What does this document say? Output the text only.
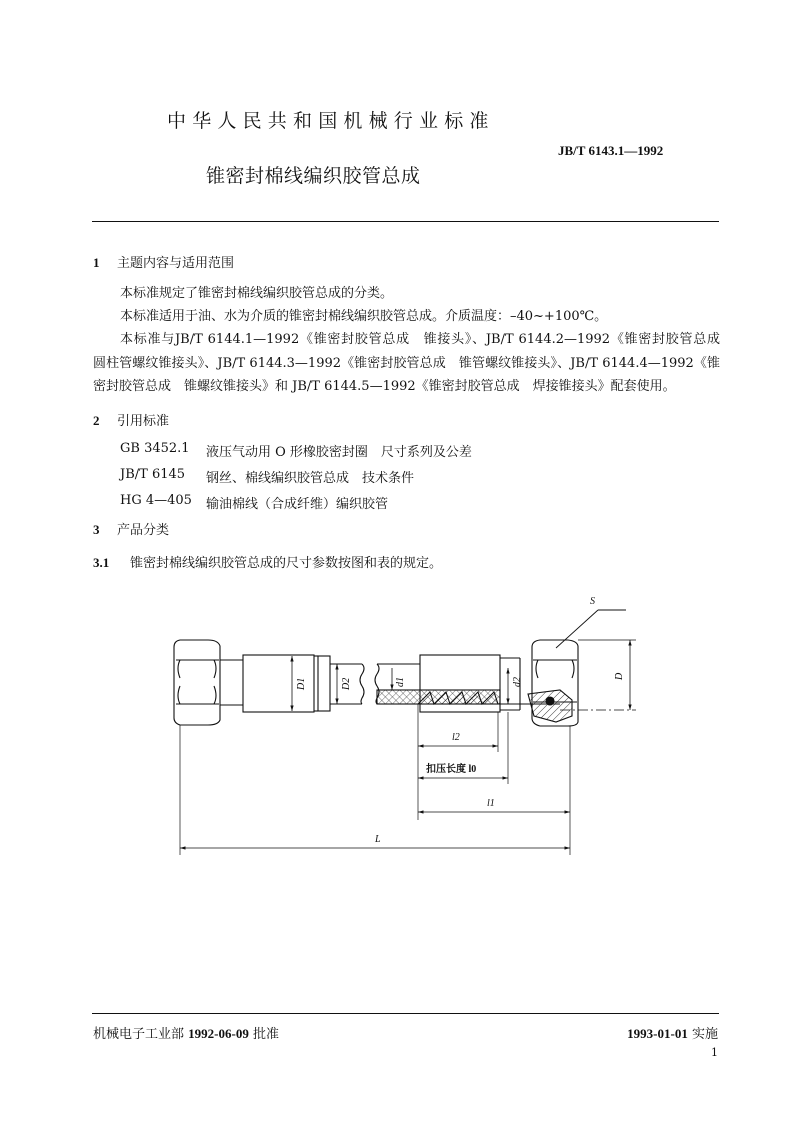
中华人民共和国机械行业标准
JB/T 6143.1—1992
锥密封棉线编织胶管总成
1 主题内容与适用范围
本标准规定了锥密封棉线编织胶管总成的分类。
本标准适用于油、水为介质的锥密封棉线编织胶管总成。介质温度：–40~+100℃。
本标准与JB/T 6144.1—1992《锥密封胶管总成　锥接头》、JB/T 6144.2—1992《锥密封胶管总成　圆柱管螺纹锥接头》、JB/T 6144.3—1992《锥密封胶管总成　锥管螺纹锥接头》、JB/T 6144.4—1992《锥密封胶管总成　锥螺纹锥接头》和 JB/T 6144.5—1992《锥密封胶管总成　焊接锥接头》配套使用。
2 引用标准
GB 3452.1	液压气动用 O 形橡胶密封圈　尺寸系列及公差
JB/T 6145	钢丝、棉线编织胶管总成　技术条件
HG 4—405	输油棉线（合成纤维）编织胶管
3 产品分类
3.1 锥密封棉线编织胶管总成的尺寸参数按图和表的规定。
S
D
D1	D2	d1	d2
l2
l1
L
扣压长度 l0
机械电子工业部 1992-06-09 批准	1993-01-01 实施
1
